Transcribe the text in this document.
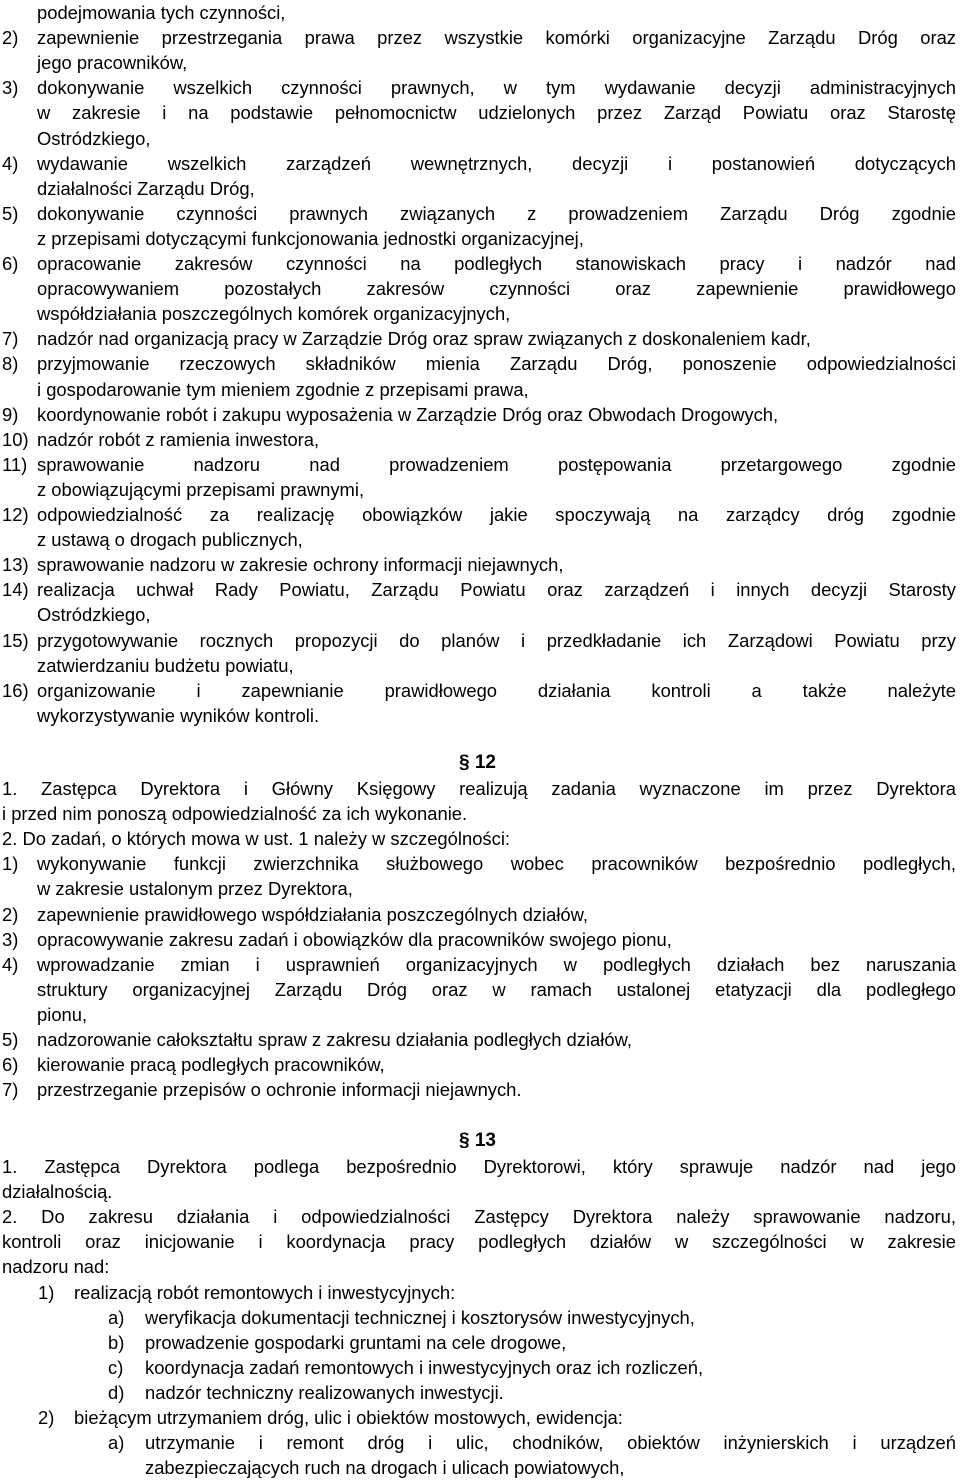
podejmowania tych czynności,
2) zapewnienie przestrzegania prawa przez wszystkie komórki organizacyjne Zarządu Dróg oraz
jego pracowników,
3) dokonywanie wszelkich czynności prawnych, w tym wydawanie decyzji administracyjnych
w zakresie i na podstawie pełnomocnictw udzielonych przez Zarząd Powiatu oraz Starostę
Ostródzkiego,
4) wydawanie wszelkich zarządzeń wewnętrznych, decyzji i postanowień dotyczących
działalności Zarządu Dróg,
5) dokonywanie czynności prawnych związanych z prowadzeniem Zarządu Dróg zgodnie
z przepisami dotyczącymi funkcjonowania jednostki organizacyjnej,
6) opracowanie zakresów czynności na podległych stanowiskach pracy i nadzór nad
opracowywaniem pozostałych zakresów czynności oraz zapewnienie prawidłowego
współdziałania poszczególnych komórek organizacyjnych,
7) nadzór nad organizacją pracy w Zarządzie Dróg oraz spraw związanych z doskonaleniem kadr,
8) przyjmowanie rzeczowych składników mienia Zarządu Dróg, ponoszenie odpowiedzialności
i gospodarowanie tym mieniem zgodnie z przepisami prawa,
9) koordynowanie robót i zakupu wyposażenia w Zarządzie Dróg oraz Obwodach Drogowych,
10) nadzór robót z ramienia inwestora,
11) sprawowanie nadzoru nad prowadzeniem postępowania przetargowego zgodnie
z obowiązującymi przepisami prawnymi,
12) odpowiedzialność za realizację obowiązków jakie spoczywają na zarządcy dróg zgodnie
z ustawą o drogach publicznych,
13) sprawowanie nadzoru w zakresie ochrony informacji niejawnych,
14) realizacja uchwał Rady Powiatu, Zarządu Powiatu oraz zarządzeń i innych decyzji Starosty
Ostródzkiego,
15) przygotowywanie rocznych propozycji do planów i przedkładanie ich Zarządowi Powiatu przy
zatwierdzaniu budżetu powiatu,
16) organizowanie i zapewnianie prawidłowego działania kontroli a także należyte
wykorzystywanie wyników kontroli.
§ 12
1. Zastępca Dyrektora i Główny Księgowy realizują zadania wyznaczone im przez Dyrektora
i przed nim ponoszą odpowiedzialność za ich wykonanie.
2. Do zadań, o których mowa w ust. 1 należy w szczególności:
1) wykonywanie funkcji zwierzchnika służbowego wobec pracowników bezpośrednio podległych,
w zakresie ustalonym przez Dyrektora,
2) zapewnienie prawidłowego współdziałania poszczególnych działów,
3) opracowywanie zakresu zadań i obowiązków dla pracowników swojego pionu,
4) wprowadzanie zmian i usprawnień organizacyjnych w podległych działach bez naruszania
struktury organizacyjnej Zarządu Dróg oraz w ramach ustalonej etatyzacji dla podległego
pionu,
5) nadzorowanie całokształtu spraw z zakresu działania podległych działów,
6) kierowanie pracą podległych pracowników,
7) przestrzeganie przepisów o ochronie informacji niejawnych.
§ 13
1. Zastępca Dyrektora podlega bezpośrednio Dyrektorowi, który sprawuje nadzór nad jego
działalnością.
2. Do zakresu działania i odpowiedzialności Zastępcy Dyrektora należy sprawowanie nadzoru,
kontroli oraz inicjowanie i koordynacja pracy podległych działów w szczególności w zakresie
nadzoru nad:
1) realizacją robót remontowych i inwestycyjnych:
a) weryfikacja dokumentacji technicznej i kosztorysów inwestycyjnych,
b) prowadzenie gospodarki gruntami na cele drogowe,
c) koordynacja zadań remontowych i inwestycyjnych oraz ich rozliczeń,
d) nadzór techniczny realizowanych inwestycji.
2) bieżącym utrzymaniem dróg, ulic i obiektów mostowych, ewidencja:
a) utrzymanie i remont dróg i ulic, chodników, obiektów inżynierskich i urządzeń
zabezpieczających ruch na drogach i ulicach powiatowych,
